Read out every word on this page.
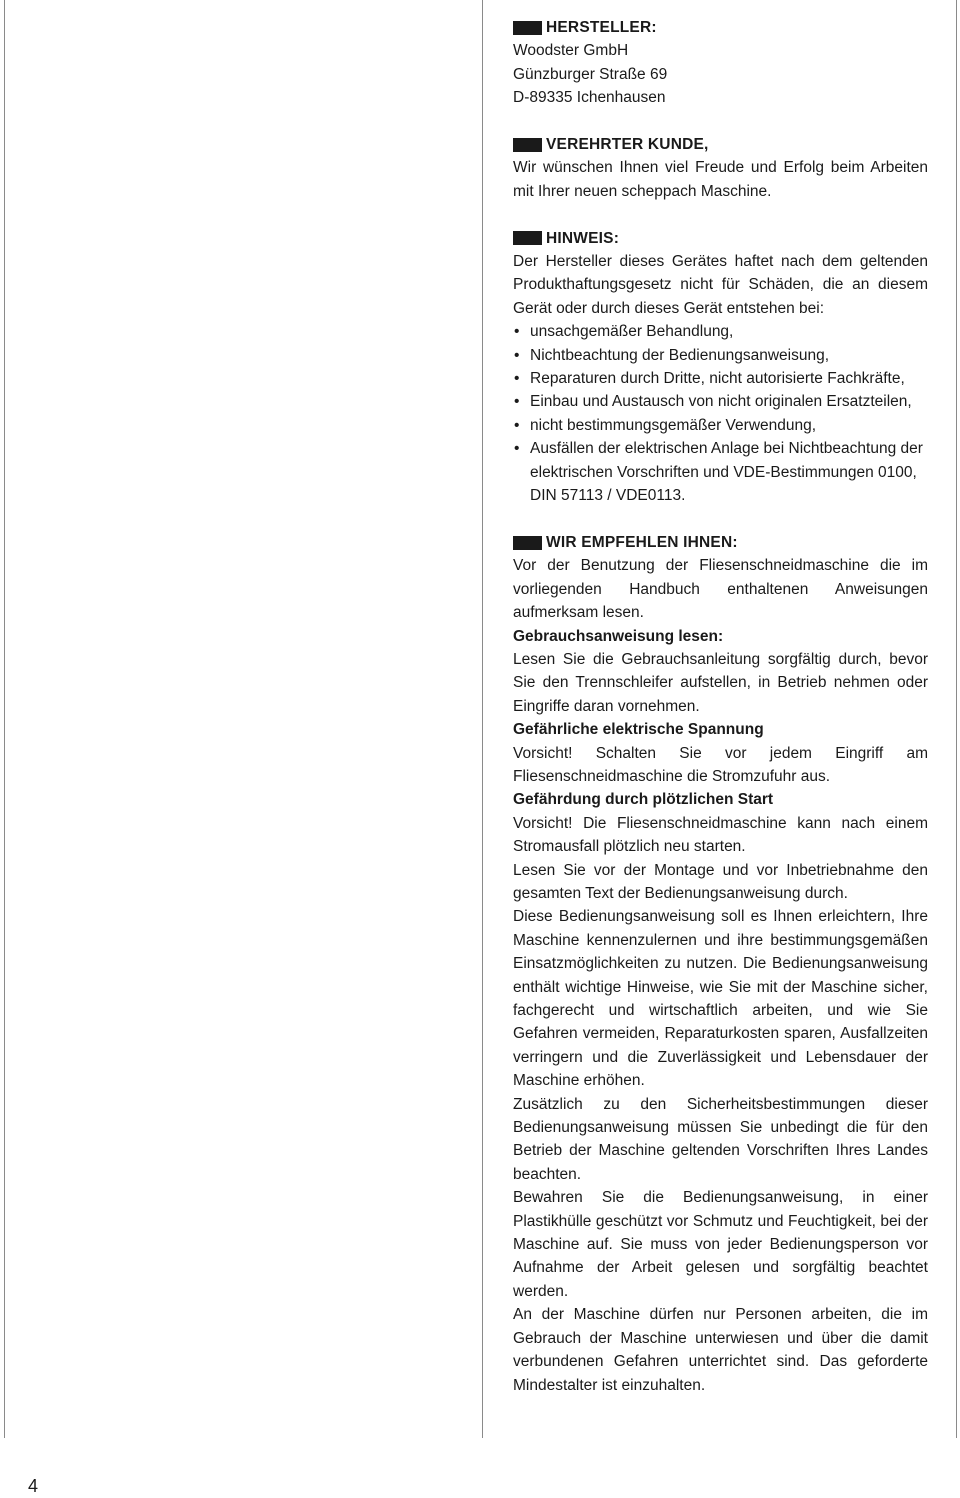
HERSTELLER:
Woodster GmbH
Günzburger Straße 69
D-89335 Ichenhausen
VEREHRTER KUNDE,

Wir wünschen Ihnen viel Freude und Erfolg beim Arbeiten mit Ihrer neuen scheppach Maschine.

HINWEIS:

Der Hersteller dieses Gerätes haftet nach dem geltenden Produkthaftungsgesetz nicht für Schäden, die an diesem Gerät oder durch dieses Gerät entstehen bei:

• unsachgemäßer Behandlung,
• Nichtbeachtung der Bedienungsanweisung,
• Reparaturen durch Dritte, nicht autorisierte Fachkräfte,
• Einbau und Austausch von nicht originalen Ersatzteilen,
• nicht bestimmungsgemäßer Verwendung,
• Ausfällen der elektrischen Anlage bei Nichtbeachtung der elektrischen Vorschriften und VDE-Bestimmungen 0100, DIN 57113 / VDE0113.
WIR EMPFEHLEN IHNEN:

Vor der Benutzung der Fliesenschneidmaschine die im vorliegenden Handbuch enthaltenen Anweisungen aufmerksam lesen.

Gebrauchsanweisung lesen:

Lesen Sie die Gebrauchsanleitung sorgfältig durch, bevor Sie den Trennschleifer aufstellen, in Betrieb nehmen oder Eingriffe daran vornehmen.

Gefährliche elektrische Spannung

Vorsicht! Schalten Sie vor jedem Eingriff am Fliesenschneidmaschine die Stromzufuhr aus.

Gefährdung durch plötzlichen Start

Vorsicht! Die Fliesenschneidmaschine kann nach einem Stromausfall plötzlich neu starten.

Lesen Sie vor der Montage und vor Inbetriebnahme den gesamten Text der Bedienungsanweisung durch.

Diese Bedienungsanweisung soll es Ihnen erleichtern, Ihre Maschine kennenzulernen und ihre bestimmungsgemäßen Einsatzmöglichkeiten zu nutzen. Die Bedienungsanweisung enthält wichtige Hinweise, wie Sie mit der Maschine sicher, fachgerecht und wirtschaftlich arbeiten, und wie Sie Gefahren vermeiden, Reparaturkosten sparen, Ausfallzeiten verringern und die Zuverlässigkeit und Lebensdauer der Maschine erhöhen.

Zusätzlich zu den Sicherheitsbestimmungen dieser Bedienungsanweisung müssen Sie unbedingt die für den Betrieb der Maschine geltenden Vorschriften Ihres Landes beachten.

Bewahren Sie die Bedienungsanweisung, in einer Plastikhülle geschützt vor Schmutz und Feuchtigkeit, bei der Maschine auf. Sie muss von jeder Bedienungsperson vor Aufnahme der Arbeit gelesen und sorgfältig beachtet werden.

An der Maschine dürfen nur Personen arbeiten, die im Gebrauch der Maschine unterwiesen und über die damit verbundenen Gefahren unterrichtet sind. Das geforderte Mindestalter ist einzuhalten.

4
